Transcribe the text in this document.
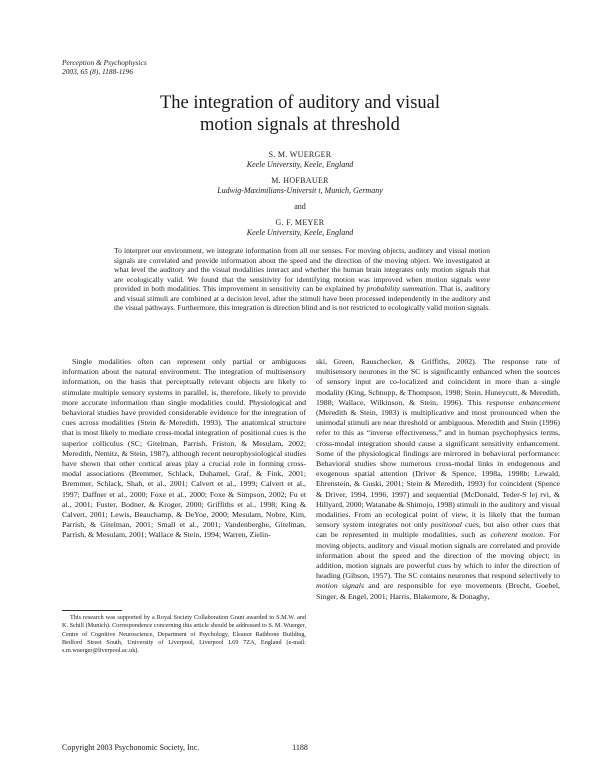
Perception & Psychophysics
2003, 65 (8), 1188-1196
The integration of auditory and visual
motion signals at threshold
S. M. WUERGER
Keele University, Keele, England
M. HOFBAUER
Ludwig-Maximilians-Universit t, Munich, Germany
and
G. F. MEYER
Keele University, Keele, England
To interpret our environment, we integrate information from all our senses. For moving objects, auditory and visual motion signals are correlated and provide information about the speed and the direction of the moving object. We investigated at what level the auditory and the visual modalities interact and whether the human brain integrates only motion signals that are ecologically valid. We found that the sensitivity for identifying motion was improved when motion signals were provided in both modalities. This improvement in sensitivity can be explained by probability summation. That is, auditory and visual stimuli are combined at a decision level, after the stimuli have been processed independently in the auditory and the visual pathways. Furthermore, this integration is direction blind and is not restricted to ecologically valid motion signals.

Single modalities often can represent only partial or ambiguous information about the natural environment. The integration of multisensory information, on the basis that perceptually relevant objects are likely to stimulate multiple sensory systems in parallel, is, therefore, likely to provide more accurate information than single modalities could. Physiological and behavioral studies have provided considerable evidence for the integration of cues across modalities (Stein & Meredith, 1993). The anatomical structure that is most likely to mediate cross-modal integration of positional cues is the superior colliculus (SC; Gitelman, Parrish, Friston, & Mesulam, 2002; Meredith, Nemitz, & Stein, 1987), although recent neurophysiological studies have shown that other cortical areas play a crucial role in forming cross-modal associations (Bremmer, Schlack, Duhamel, Graf, & Fink, 2001; Bremmer, Schlack, Shah, et al., 2001; Calvert et al., 1999; Calvert et al., 1997; Daffner et al., 2000; Foxe et al., 2000; Foxe & Simpson, 2002; Fu et al., 2001; Fuster, Bodner, & Kroger, 2000; Griffiths et al., 1998; King & Calvert, 2001; Lewis, Beauchamp, & DeYoe, 2000; Mesulam, Nobre, Kim, Parrish, & Gitelman, 2001; Small et al., 2001; Vandenberghe, Gitelman, Parrish, & Mesulam, 2001; Wallace & Stein, 1994; Warren, Zielin-

ski, Green, Rauschecker, & Griffiths, 2002). The response rate of multisensory neurones in the SC is significantly enhanced when the sources of sensory input are co-localized and coincident in more than a single modality (King, Schnupp, & Thompson, 1998; Stein, Huneycutt, & Meredith, 1988; Wallace, Wilkinson, & Stein, 1996). This response enhancement (Meredith & Stein, 1983) is multiplicative and most pronounced when the unimodal stimuli are near threshold or ambiguous. Meredith and Stein (1996) refer to this as “inverse effectiveness,” and in human psychophysics terms, cross-modal integration should cause a significant sensitivity enhancement. Some of the physiological findings are mirrored in behavioral performance: Behavioral studies show numerous cross-modal links in endogenous and exogenous spatial attention (Driver & Spence, 1998a, 1998b; Lewald, Ehrenstein, & Guski, 2001; Stein & Meredith, 1993) for coincident (Spence & Driver, 1994, 1996, 1997) and sequential (McDonald, Teder-S lej rvi, & Hillyard, 2000; Watanabe & Shimojo, 1998) stimuli in the auditory and visual modalities. From an ecological point of view, it is likely that the human sensory system integrates not only positional cues, but also other cues that can be represented in multiple modalities, such as coherent motion. For moving objects, auditory and visual motion signals are correlated and provide information about the speed and the direction of the moving object; in addition, motion signals are powerful cues by which to infer the direction of heading (Gibson, 1957). The SC contains neurones that respond selectively to motion signals and are responsible for eye movements (Brecht, Goebel, Singer, & Engel, 2001; Harris, Blakemore, & Donaghy,

This research was supported by a Royal Society Collaboration Grant awarded to S.M.W. and K. Schill (Munich). Correspondence concerning this article should be addressed to S. M. Wuerger, Centre of Cognitive Neuroscience, Department of Psychology, Eleanor Rathbone Building, Bedford Street South, University of Liverpool, Liverpool L69 7ZA, England (e-mail: s.m.wuerger@liverpool.ac.uk).

Copyright 2003 Psychonomic Society, Inc.	1188
